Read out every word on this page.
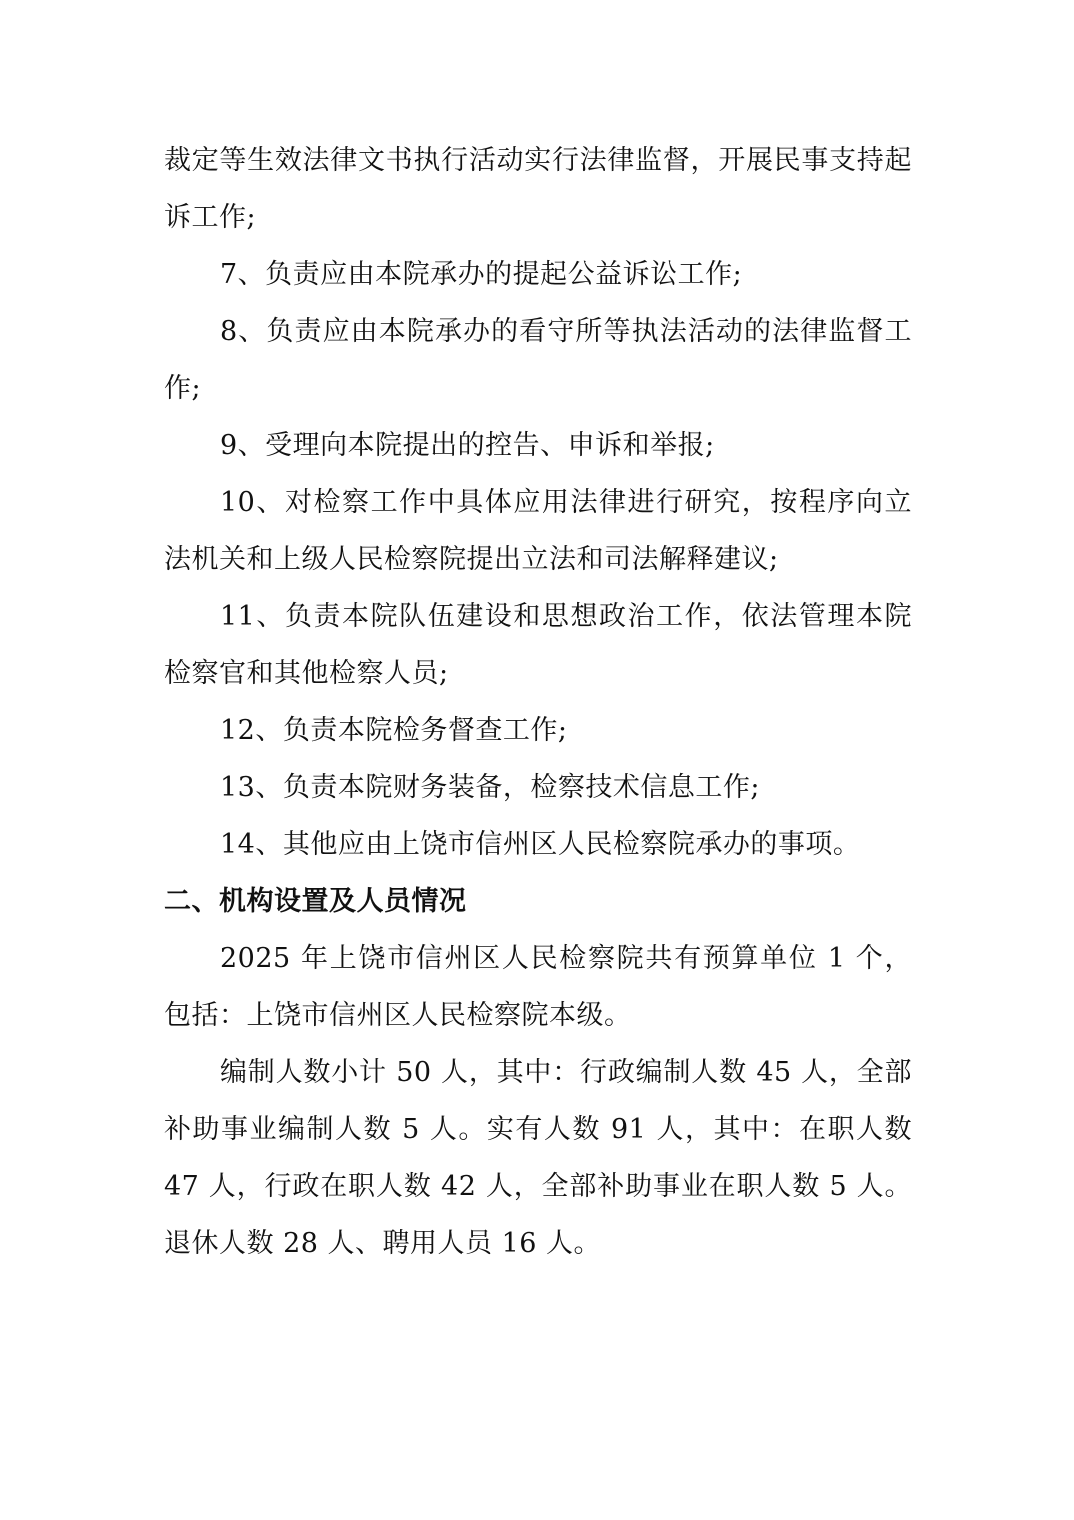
裁定等生效法律文书执行活动实行法律监督，开展民事支持起诉工作;

7、负责应由本院承办的提起公益诉讼工作;

8、负责应由本院承办的看守所等执法活动的法律监督工作;

9、受理向本院提出的控告、申诉和举报;

10、对检察工作中具体应用法律进行研究，按程序向立法机关和上级人民检察院提出立法和司法解释建议;

11、负责本院队伍建设和思想政治工作，依法管理本院检察官和其他检察人员;

12、负责本院检务督查工作;

13、负责本院财务装备，检察技术信息工作;

14、其他应由上饶市信州区人民检察院承办的事项。

二、机构设置及人员情况

2025 年上饶市信州区人民检察院共有预算单位 1 个，包括：上饶市信州区人民检察院本级。

编制人数小计 50 人，其中：行政编制人数 45 人，全部补助事业编制人数 5 人。实有人数 91 人，其中：在职人数 47 人，行政在职人数 42 人，全部补助事业在职人数 5 人。退休人数 28 人、聘用人员 16 人。
